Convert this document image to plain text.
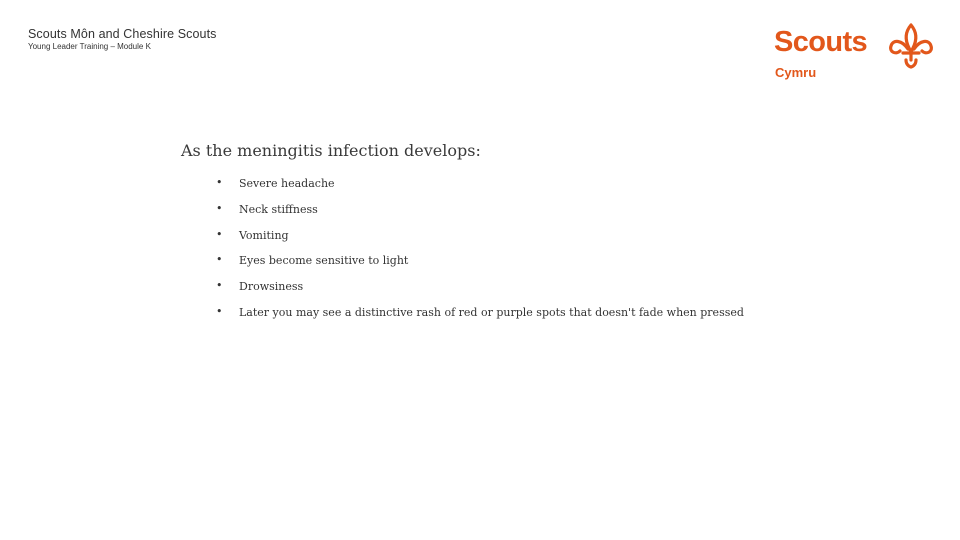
Scouts Môn and Cheshire Scouts
Young Leader Training – Module K	Scouts
Cymru
As the meningitis infection develops:
• Severe headache
• Neck stiffness
• Vomiting
• Eyes become sensitive to light
• Drowsiness
• Later you may see a distinctive rash of red or purple spots that doesn't fade when pressed
